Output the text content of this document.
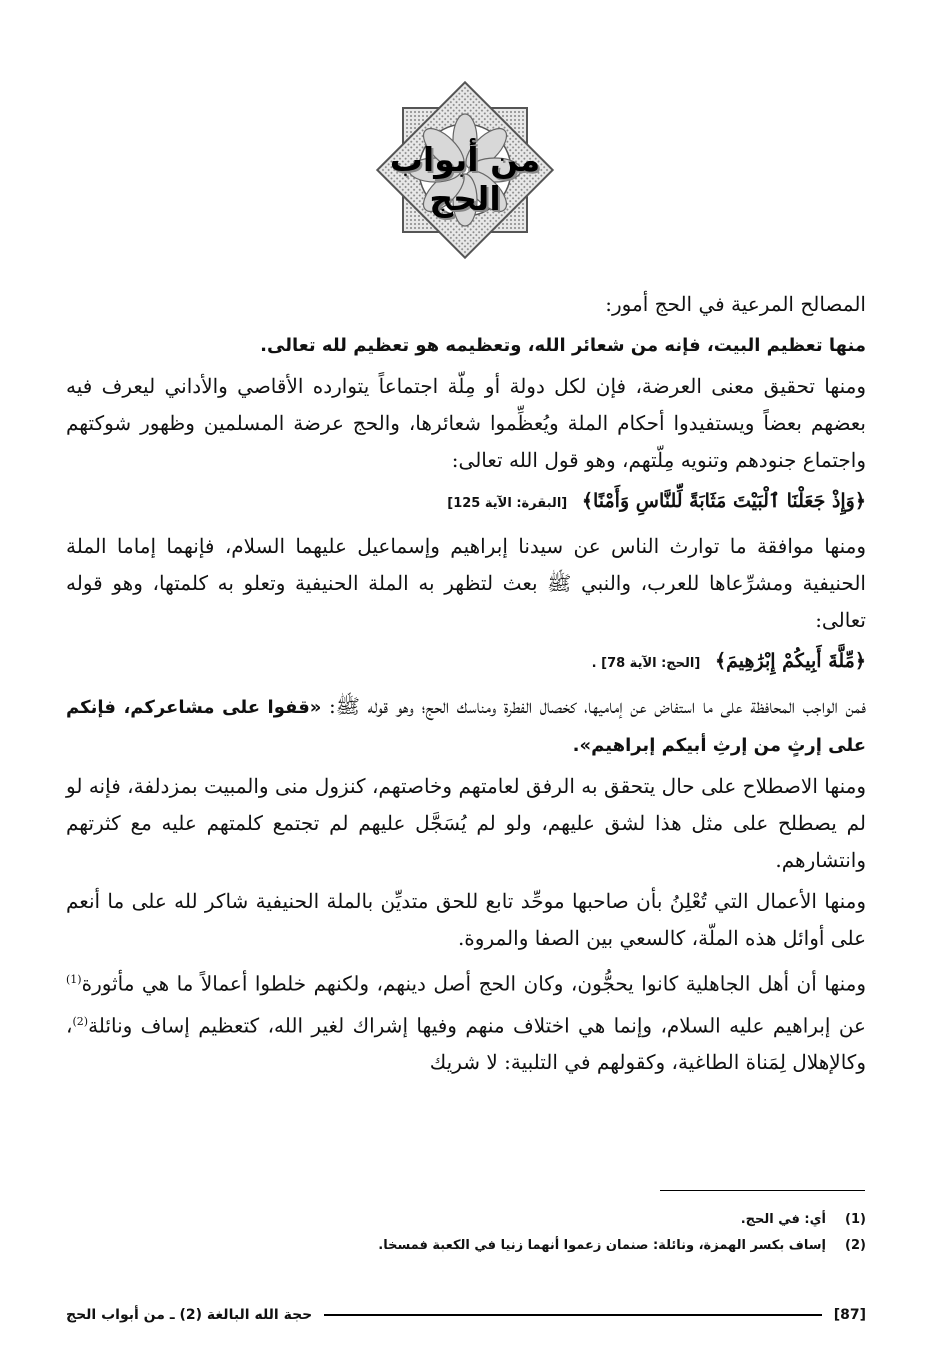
من أبواب الحج

المصالح المرعية في الحج أمور:

منها تعظيم البيت، فإنه من شعائر الله، وتعظيمه هو تعظيم لله تعالى.

ومنها تحقيق معنى العرضة، فإن لكل دولة أو مِلّة اجتماعاً يتوارده الأقاصي والأداني ليعرف فيه بعضهم بعضاً ويستفيدوا أحكام الملة ويُعظِّموا شعائرها، والحج عرضة المسلمين وظهور شوكتهم واجتماع جنودهم وتنويه مِلّتهم، وهو قول الله تعالى:

﴿وَإِذْ جَعَلْنَا ٱلْبَيْتَ مَثَابَةً لِّلنَّاسِ وَأَمْنًا﴾ [البقرة: الآية 125]

ومنها موافقة ما توارث الناس عن سيدنا إبراهيم وإسماعيل عليهما السلام، فإنهما إماما الملة الحنيفية ومشرِّعاها للعرب، والنبي ﷺ بعث لتظهر به الملة الحنيفية وتعلو به كلمتها، وهو قوله تعالى:

﴿مِّلَّةَ أَبِيكُمْ إِبْرَٰهِيمَ﴾ [الحج: الآية 78] .

فمن الواجب المحافظة على ما استفاض عن إماميها، كخصال الفطرة ومناسك الحج؛ وهو قوله ﷺ: «قفوا على مشاعركم، فإنكم على إرثٍ من إرثِ أبيكم إبراهيم».

ومنها الاصطلاح على حال يتحقق به الرفق لعامتهم وخاصتهم، كنزول منى والمبيت بمزدلفة، فإنه لو لم يصطلح على مثل هذا لشق عليهم، ولو لم يُسَجَّل عليهم لم تجتمع كلمتهم عليه مع كثرتهم وانتشارهم.

ومنها الأعمال التي تُعْلِنُ بأن صاحبها موحِّد تابع للحق متديِّن بالملة الحنيفية شاكر لله على ما أنعم على أوائل هذه الملّة، كالسعي بين الصفا والمروة.

ومنها أن أهل الجاهلية كانوا يحجُّون، وكان الحج أصل دينهم، ولكنهم خلطوا أعمالاً ما هي مأثورة$^{(1)}$ عن إبراهيم عليه السلام، وإنما هي اختلاف منهم وفيها إشراك لغير الله، كتعظيم إساف ونائلة$^{(2)}$، وكالإهلال لِمَناة الطاغية، وكقولهم في التلبية: لا شريك

(1)
أي: في الحج.
(2)
إساف بكسر الهمزة، ونائلة: صنمان زعموا أنهما زنيا في الكعبة فمسخا.
[87]
حجة الله البالغة (2) ـ من أبواب الحج
